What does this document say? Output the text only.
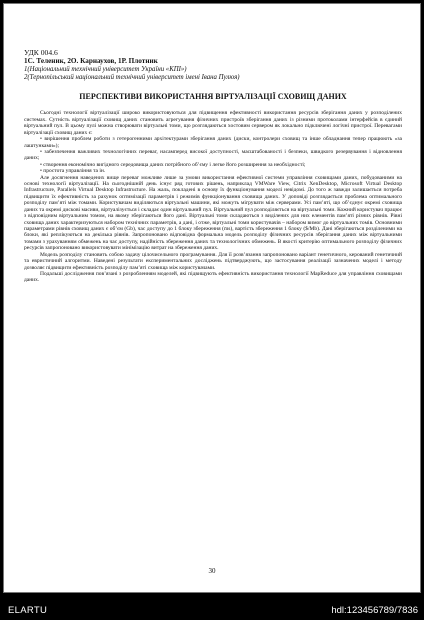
УДК 004.6
1С. Теленик, 2О. Карнаухов, 1Р. Плотник
1(Національний технічний університет України «КПІ»)
2(Тернопільський національний технічний університет імені Івана Пулюя)
ПЕРСПЕКТИВИ ВИКОРИСТАННЯ ВІРТУАЛІЗАЦІЇ СХОВИЩ ДАНИХ

Сьогодні технології віртуалізації широко використовуються для підвищення ефективності використання ресурсів зберігання даних у розподілених системах. Сутність віртуалізації сховищ даних становить агрегування фізичних пристроїв зберігання даних із різними протоколами інтерфейсів в єдиний віртуальний пул. В цьому пулі можна створювати віртуальні томи, що розглядаються хостовим сервером як локально підключені логічні пристрої. Перевагами віртуалізації сховищ даних є:

• вирішення проблем роботи з гетерогенними архітектурами зберігання даних (диски, контролери сховищ та інше обладнання тепер працюють «за лаштунками»);

• забезпечення важливих технологічних переваг, насамперед високої доступності, масштабованості і безпеки, швидкого резервування і відновлення даних;

• створення економічно вигідного середовища даних потрібного об’єму і легке його розширення за необхідності;

• простота управління та ін.

Але досягнення наведених вище переваг можливе лише за умови використання ефективної системи управління сховищами даних, побудованими на основі технології віртуалізації. На сьогоднішній день існує ряд готових рішень, наприклад VMWare View, Citrix XenDesktop, Microsoft Virtual Desktop Infrastructure, Parallels Virtual Desktop Infrastructure. На жаль, покладені в основу їх функціонування моделі невідомі. До того ж завжди залишається потреба підвищити їх ефективність за рахунок оптимізації параметрів і режимів функціонування сховища даних. У доповіді розглядається проблема оптимального розподілу пам’яті між томами. Користувачам виділяються віртуальні машини, які можуть мігрувати між серверами. Усі пам’яті, що об’єднує окремі сховища даних та окремі дискові масиви, віртуалізується і складає один віртуальний пул. Віртуальний пул розподіляється на віртуальні томи. Кожний користувач працює з відповідним віртуальним томом, на якому зберігаються його дані. Віртуальні томи складаються з виділених для них елементів пам’яті різних рівнів. Рівні сховища даних характеризуються набором технічних параметрів, а дані, і отже, віртуальні томи користувачів – набором вимог до віртуальних томів. Основними параметрами рівнів сховищ даних є об’єм (Gb), час доступу до 1 блоку збереження (ms), вартість збереження 1 блоку ($/Mb). Дані зберігаються розділеними на блоки, які реплікуються на декілька рівнів. Запропоновано відповідна формальна модель розподілу фізичних ресурсів зберігання даних між віртуальними томами з урахуванням обмежень на час доступу, надійність збереження даних та технологічних обмежень. В якості критерію оптимального розподілу фізичних ресурсів запропоновано використовувати мінімізацію витрат на збереження даних.

Модель розподілу становить собою задачу цілочисельного програмування. Для її розв’язання запропоновано варіант генетичного, керований генетичний та евристичний алгоритми. Наведені результати експериментальних досліджень підтверджують, що застосування реалізації зазначених моделі і методу дозволяє підвищити ефективність розподілу пам’яті сховища між користувачами.

Подальші дослідження пов’язані з розробленням моделей, які підвищують ефективність використання технології MapReduce для управління сховищами даних.

30
ELARTU	hdl:123456789/7836
